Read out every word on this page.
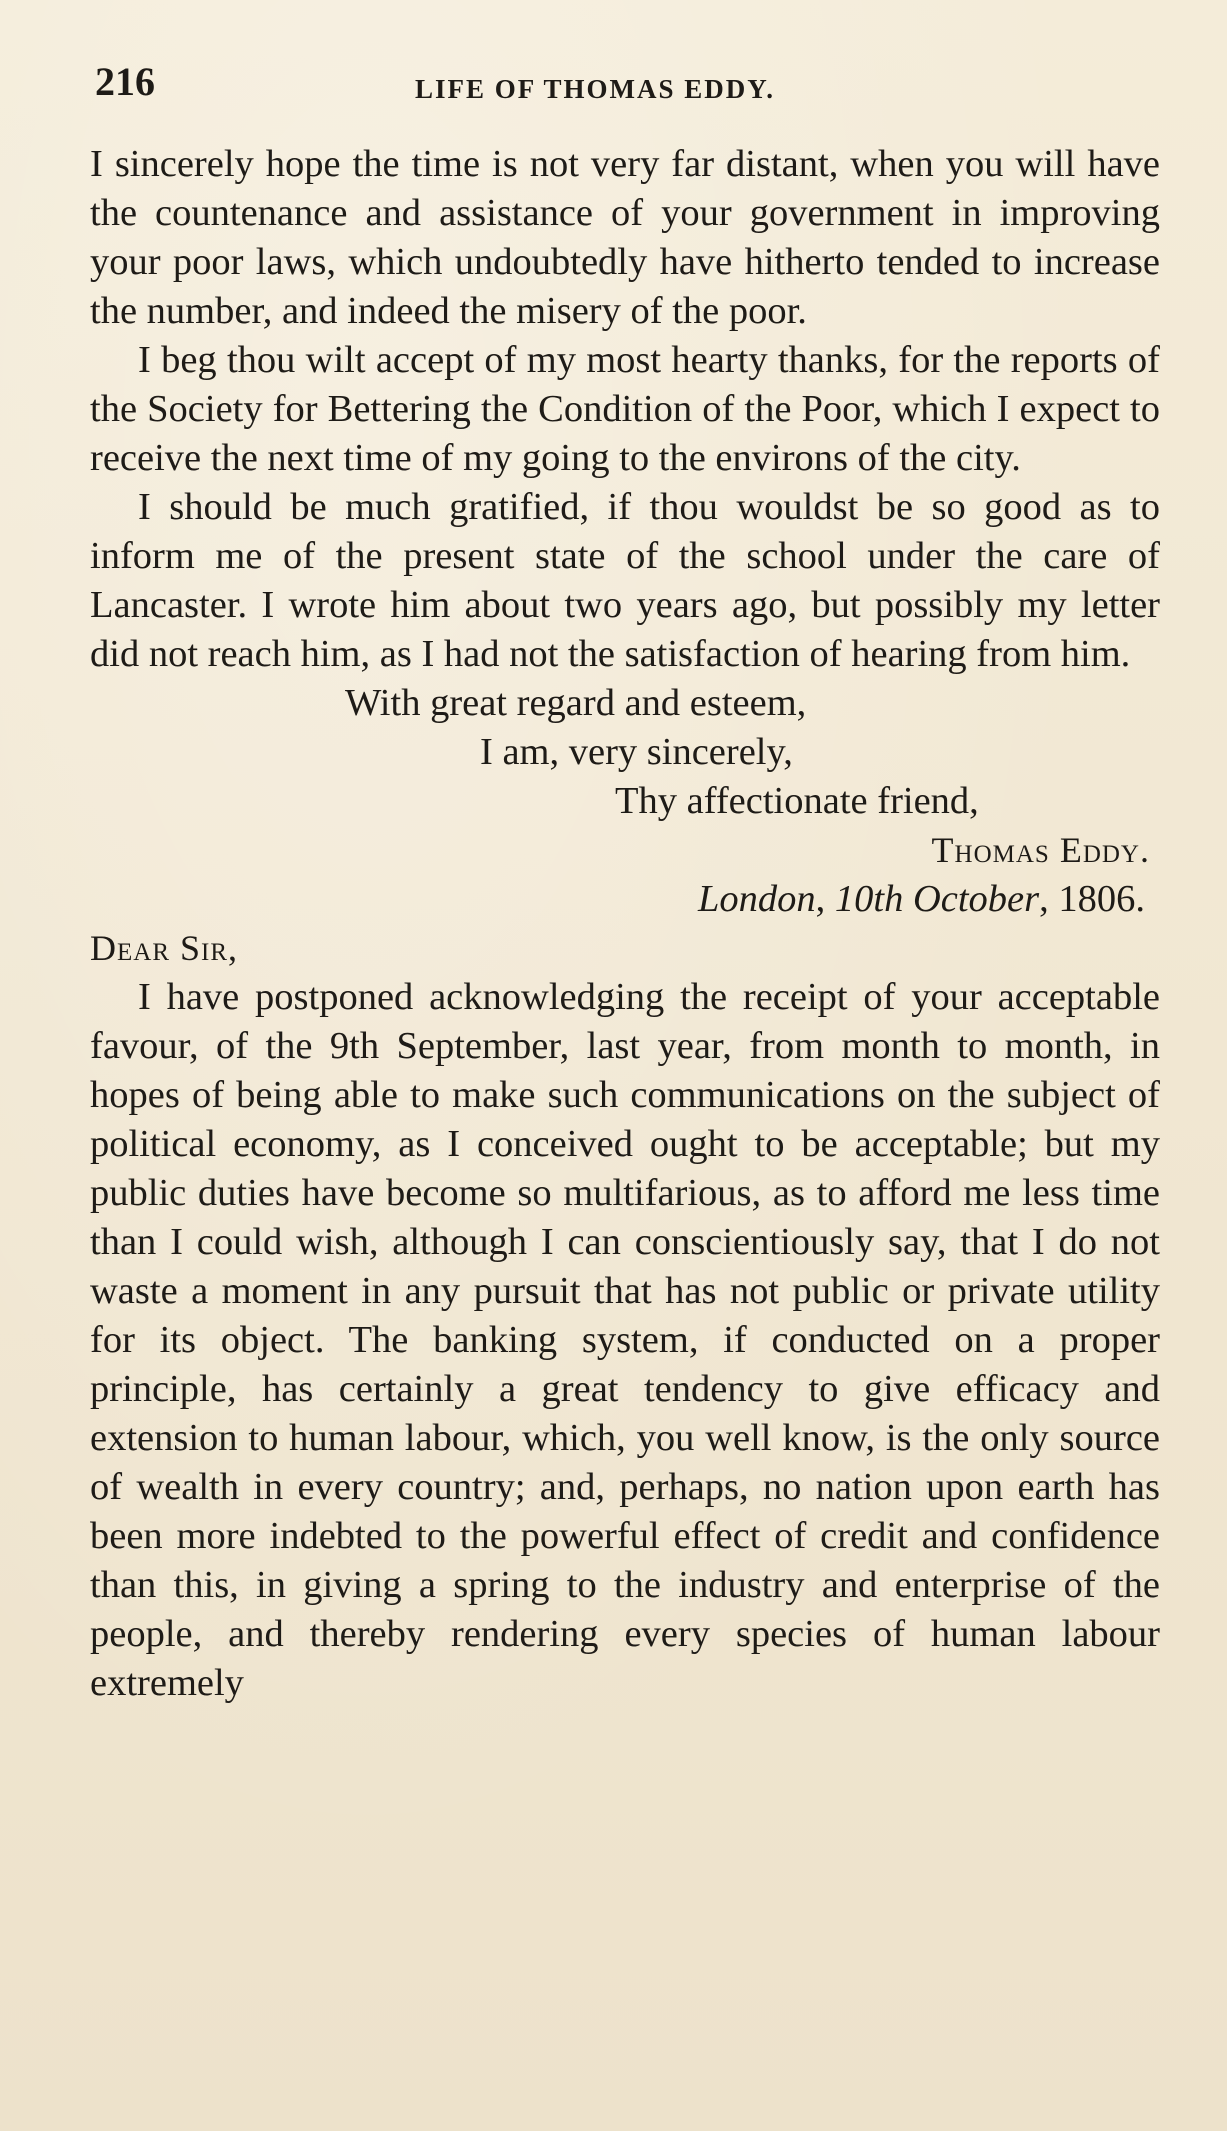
216	LIFE OF THOMAS EDDY.

I sincerely hope the time is not very far distant, when you will have the countenance and assistance of your government in improving your poor laws, which undoubtedly have hitherto tended to increase the number, and indeed the misery of the poor.

I beg thou wilt accept of my most hearty thanks, for the reports of the Society for Bettering the Condition of the Poor, which I expect to receive the next time of my going to the environs of the city.

I should be much gratified, if thou wouldst be so good as to inform me of the present state of the school under the care of Lancaster. I wrote him about two years ago, but possibly my letter did not reach him, as I had not the satisfaction of hearing from him.

With great regard and esteem,

I am, very sincerely,

Thy affectionate friend,

Thomas Eddy.

London, 10th October, 1806.

Dear Sir,

I have postponed acknowledging the receipt of your acceptable favour, of the 9th September, last year, from month to month, in hopes of being able to make such communications on the subject of political economy, as I conceived ought to be acceptable; but my public duties have become so multifarious, as to afford me less time than I could wish, although I can conscientiously say, that I do not waste a moment in any pursuit that has not public or private utility for its object. The banking system, if conducted on a proper principle, has certainly a great tendency to give efficacy and extension to human labour, which, you well know, is the only source of wealth in every country; and, perhaps, no nation upon earth has been more indebted to the powerful effect of credit and confidence than this, in giving a spring to the industry and enterprise of the people, and thereby rendering every species of human labour extremely
